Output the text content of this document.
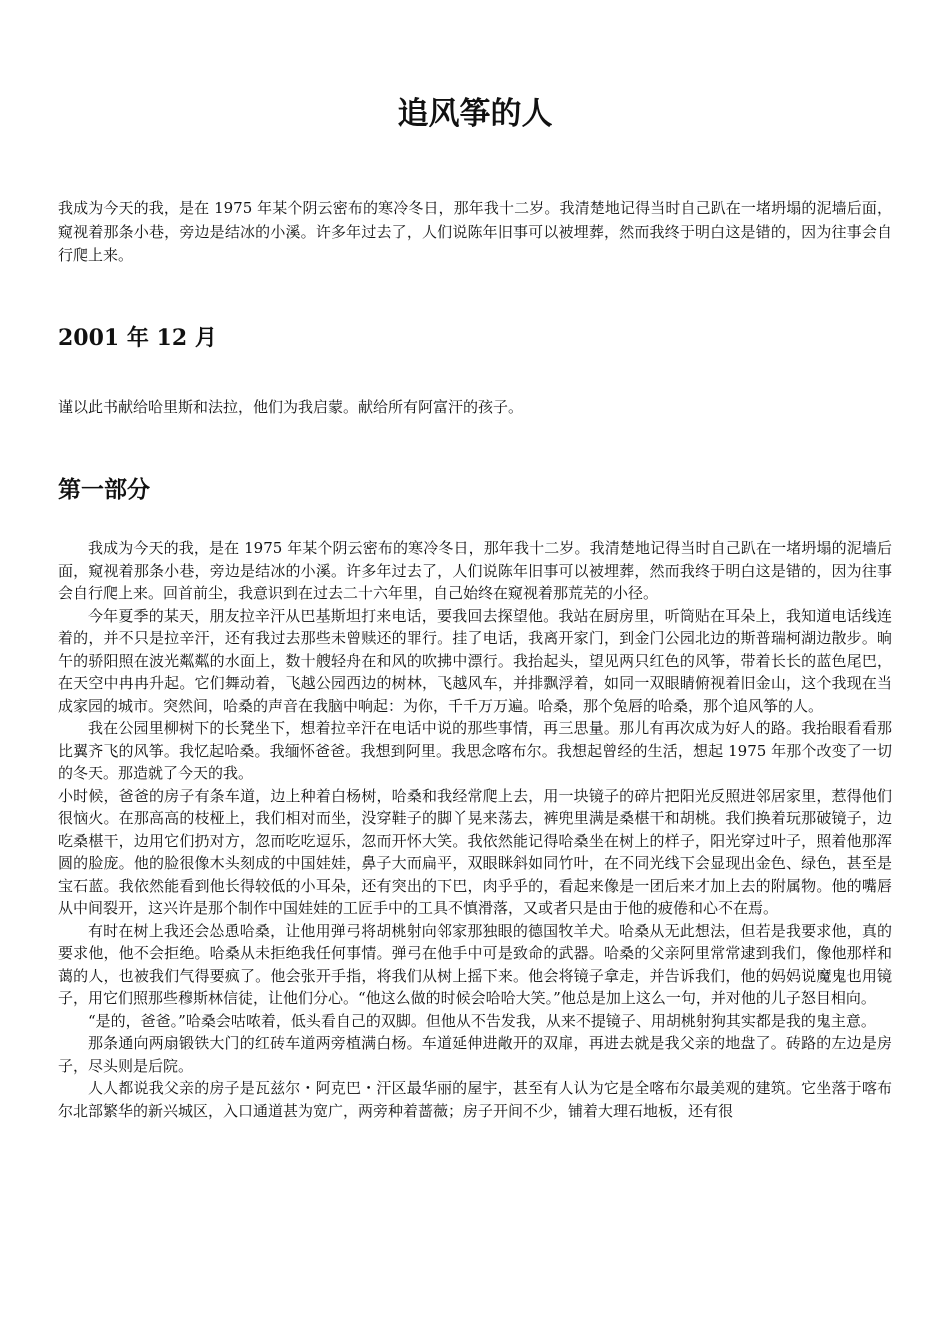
追风筝的人

我成为今天的我，是在 1975 年某个阴云密布的寒冷冬日，那年我十二岁。我清楚地记得当时自己趴在一堵坍塌的泥墙后面，窥视着那条小巷，旁边是结冰的小溪。许多年过去了，人们说陈年旧事可以被埋葬，然而我终于明白这是错的，因为往事会自行爬上来。

2001 年 12 月

谨以此书献给哈里斯和法拉，他们为我启蒙。献给所有阿富汗的孩子。

第一部分

我成为今天的我，是在 1975 年某个阴云密布的寒冷冬日，那年我十二岁。我清楚地记得当时自己趴在一堵坍塌的泥墙后面，窥视着那条小巷，旁边是结冰的小溪。许多年过去了，人们说陈年旧事可以被埋葬，然而我终于明白这是错的，因为往事会自行爬上来。回首前尘，我意识到在过去二十六年里，自己始终在窥视着那荒芜的小径。

今年夏季的某天，朋友拉辛汗从巴基斯坦打来电话，要我回去探望他。我站在厨房里，听筒贴在耳朵上，我知道电话线连着的，并不只是拉辛汗，还有我过去那些未曾赎还的罪行。挂了电话，我离开家门，到金门公园北边的斯普瑞柯湖边散步。晌午的骄阳照在波光粼粼的水面上，数十艘轻舟在和风的吹拂中漂行。我抬起头，望见两只红色的风筝，带着长长的蓝色尾巴，在天空中冉冉升起。它们舞动着，飞越公园西边的树林，飞越风车，并排飘浮着，如同一双眼睛俯视着旧金山，这个我现在当成家园的城市。突然间，哈桑的声音在我脑中响起：为你，千千万万遍。哈桑，那个兔唇的哈桑，那个追风筝的人。

我在公园里柳树下的长凳坐下，想着拉辛汗在电话中说的那些事情，再三思量。那儿有再次成为好人的路。我抬眼看看那比翼齐飞的风筝。我忆起哈桑。我缅怀爸爸。我想到阿里。我思念喀布尔。我想起曾经的生活，想起 1975 年那个改变了一切的冬天。那造就了今天的我。

小时候，爸爸的房子有条车道，边上种着白杨树，哈桑和我经常爬上去，用一块镜子的碎片把阳光反照进邻居家里，惹得他们很恼火。在那高高的枝桠上，我们相对而坐，没穿鞋子的脚丫晃来荡去，裤兜里满是桑椹干和胡桃。我们换着玩那破镜子，边吃桑椹干，边用它们扔对方，忽而吃吃逗乐，忽而开怀大笑。我依然能记得哈桑坐在树上的样子，阳光穿过叶子，照着他那浑圆的脸庞。他的脸很像木头刻成的中国娃娃，鼻子大而扁平，双眼眯斜如同竹叶，在不同光线下会显现出金色、绿色，甚至是宝石蓝。我依然能看到他长得较低的小耳朵，还有突出的下巴，肉乎乎的，看起来像是一团后来才加上去的附属物。他的嘴唇从中间裂开，这兴许是那个制作中国娃娃的工匠手中的工具不慎滑落，又或者只是由于他的疲倦和心不在焉。

有时在树上我还会怂恿哈桑，让他用弹弓将胡桃射向邻家那独眼的德国牧羊犬。哈桑从无此想法，但若是我要求他，真的要求他，他不会拒绝。哈桑从未拒绝我任何事情。弹弓在他手中可是致命的武器。哈桑的父亲阿里常常逮到我们，像他那样和蔼的人，也被我们气得要疯了。他会张开手指，将我们从树上摇下来。他会将镜子拿走，并告诉我们，他的妈妈说魔鬼也用镜子，用它们照那些穆斯林信徒，让他们分心。“他这么做的时候会哈哈大笑。”他总是加上这么一句，并对他的儿子怒目相向。

“是的，爸爸。”哈桑会咕哝着，低头看自己的双脚。但他从不告发我，从来不提镜子、用胡桃射狗其实都是我的鬼主意。

那条通向两扇锻铁大门的红砖车道两旁植满白杨。车道延伸进敞开的双扉，再进去就是我父亲的地盘了。砖路的左边是房子，尽头则是后院。

人人都说我父亲的房子是瓦兹尔・阿克巴・汗区最华丽的屋宇，甚至有人认为它是全喀布尔最美观的建筑。它坐落于喀布尔北部繁华的新兴城区，入口通道甚为宽广，两旁种着蔷薇；房子开间不少，铺着大理石地板，还有很
